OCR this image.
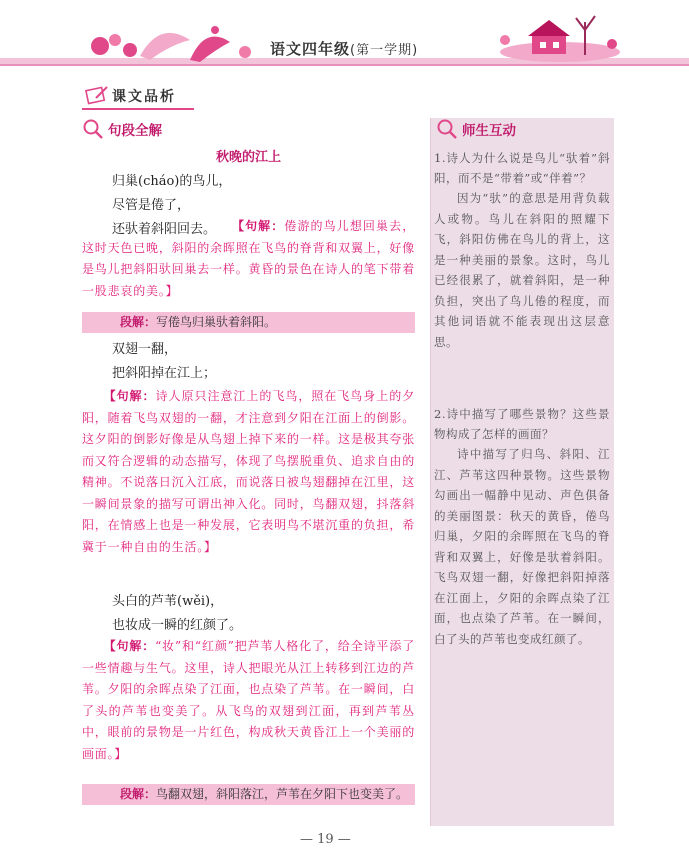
语文四年级(第一学期)
课文品析
句段全解
秋晚的江上
归巢(cháo)的鸟儿，
尽管是倦了，
还驮着斜阳回去。	【句解：倦游的鸟儿想回巢去，这时天色已晚，斜阳的余晖照在飞鸟的脊背和双翼上，好像是鸟儿把斜阳驮回巢去一样。黄昏的景色在诗人的笔下带着一股悲哀的美。】
段解：写倦鸟归巢驮着斜阳。
双翅一翻，
把斜阳掉在江上；
【句解：诗人原只注意江上的飞鸟，照在飞鸟身上的夕阳，随着飞鸟双翅的一翻，才注意到夕阳在江面上的倒影。这夕阳的倒影好像是从鸟翅上掉下来的一样。这是极其夸张而又符合逻辑的动态描写，体现了鸟摆脱重负、追求自由的精神。不说落日沉入江底，而说落日被鸟翅翻掉在江里，这一瞬间景象的描写可谓出神入化。同时，鸟翻双翅，抖落斜阳，在情感上也是一种发展，它表明鸟不堪沉重的负担，希冀于一种自由的生活。】
头白的芦苇(wěi)，
也妆成一瞬的红颜了。
【句解：“妆”和“红颜”把芦苇人格化了，给全诗平添了一些情趣与生气。这里，诗人把眼光从江上转移到江边的芦苇。夕阳的余晖点染了江面，也点染了芦苇。在一瞬间，白了头的芦苇也变美了。从飞鸟的双翅到江面，再到芦苇丛中，眼前的景物是一片红色，构成秋天黄昏江上一个美丽的画面。】
段解：鸟翻双翅，斜阳落江，芦苇在夕阳下也变美了。
师生互动
1.诗人为什么说是鸟儿“驮着”斜阳，而不是“带着”或“伴着”？
因为“驮”的意思是用背负载人或物。鸟儿在斜阳的照耀下飞，斜阳仿佛在鸟儿的背上，这是一种美丽的景象。这时，鸟儿已经很累了，就着斜阳，是一种负担，突出了鸟儿倦的程度，而其他词语就不能表现出这层意思。
2.诗中描写了哪些景物？这些景物构成了怎样的画面？
诗中描写了归鸟、斜阳、江江、芦苇这四种景物。这些景物勾画出一幅静中见动、声色俱备的美丽图景：秋天的黄昏，倦鸟归巢，夕阳的余晖照在飞鸟的脊背和双翼上，好像是驮着斜阳。飞鸟双翅一翻，好像把斜阳掉落在江面上，夕阳的余晖点染了江面，也点染了芦苇。在一瞬间，白了头的芦苇也变成红颜了。
— 19 —
